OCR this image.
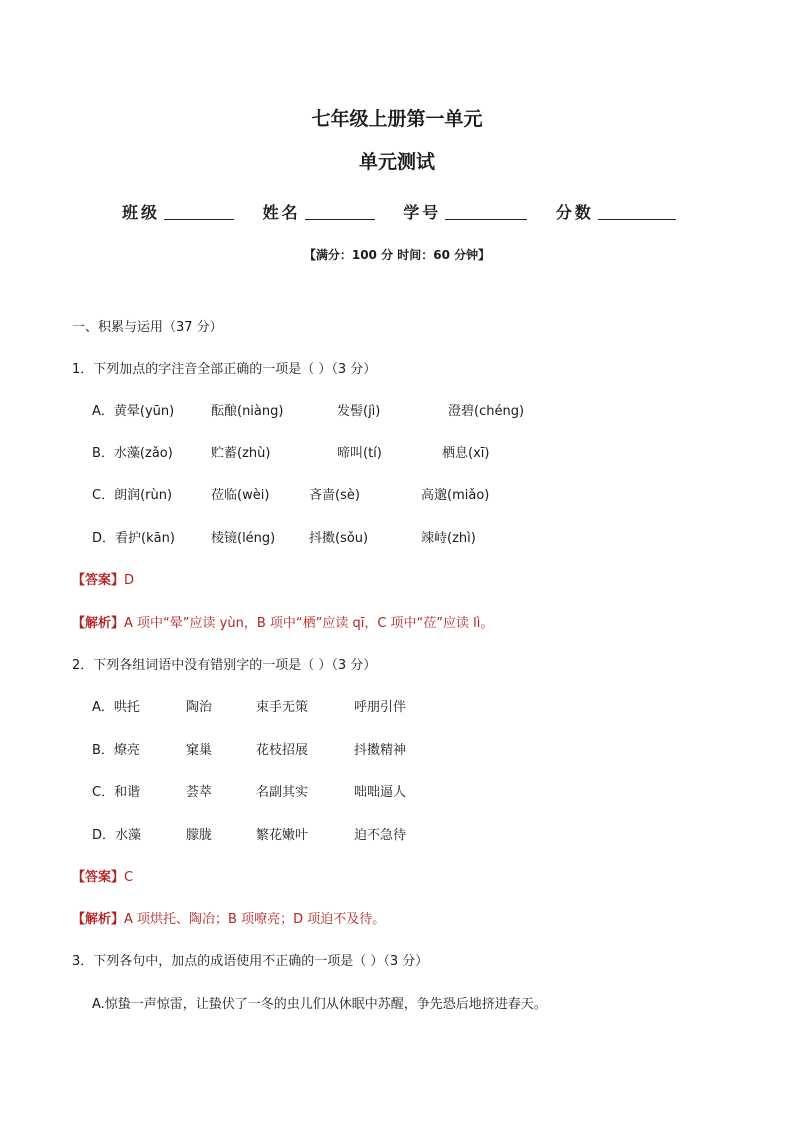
七年级上册第一单元
单元测试
班级	姓名	学号	分数
【满分：100 分 时间：60 分钟】
一、积累与运用（37 分）
1．下列加点的字注音全部正确的一项是（ ）（3 分）
A．黄晕(yūn)	酝酿(niàng)	发髻(jì)	澄碧(chéng)
B．水藻(zǎo)	贮蓄(zhù)	啼叫(tí)	栖息(xī)
C．朗润(rùn)	莅临(wèi)	吝啬(sè)	高邈(miǎo)
D．看护(kān)	棱镜(léng)	抖擞(sǒu)	竦峙(zhì)
【答案】D
【解析】A 项中“晕”应读 yùn，B 项中“栖”应读 qī，C 项中“莅”应读 lì。
2．下列各组词语中没有错别字的一项是（ ）（3 分）
A．哄托	陶治	束手无策	呼朋引伴
B．燎亮	窠巢	花枝招展	抖擞精神
C．和谐	荟萃	名副其实	咄咄逼人
D．水藻	朦胧	繁花嫩叶	迫不急待
【答案】C
【解析】A 项烘托、陶冶；B 项嘹亮；D 项迫不及待。
3．下列各句中，加点的成语使用不正确的一项是（ ）（3 分）
A.惊蛰一声惊雷，让蛰伏了一冬的虫儿们从休眠中苏醒，争先恐后地挤进春天。
